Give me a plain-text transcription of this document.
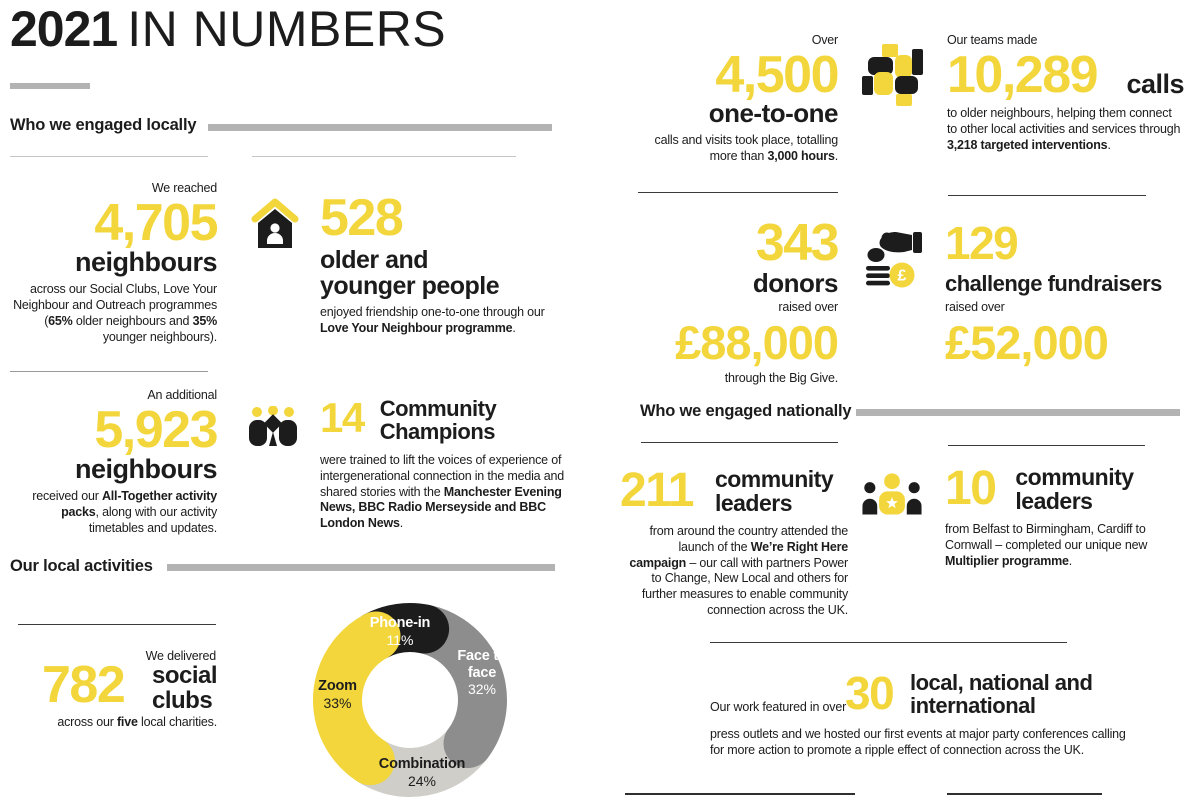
2021 IN NUMBERS
Who we engaged locally
We reached
4,705
neighbours

across our Social Clubs, Love Your Neighbour and Outreach programmes (65% older neighbours and 35% younger neighbours).

528
older and younger people

enjoyed friendship one-to-one through our Love Your Neighbour programme.

An additional
5,923
neighbours

received our All-Together activity packs, along with our activity timetables and updates.

14 Community Champions

were trained to lift the voices of experience of intergenerational connection in the media and shared stories with the Manchester Evening News, BBC Radio Merseyside and BBC London News.

Our local activities
We delivered
782 social clubs

across our five local charities.

Phone-in
11%
Face to face
32%
Zoom
33%
Combination
24%
Over
4,500
one-to-one

calls and visits took place, totalling more than 3,000 hours.

Our teams made
10,289 calls

to older neighbours, helping them connect to other local activities and services through 3,218 targeted interventions.

343
donors
raised over
£88,000
through the Big Give.
£
129
challenge fundraisers
raised over
£52,000
Who we engaged nationally
211 community leaders

from around the country attended the launch of the We’re Right Here campaign – our call with partners Power to Change, New Local and others for further measures to enable community connection across the UK.

10 community leaders

from Belfast to Birmingham, Cardiff to Cornwall – completed our unique new Multiplier programme.

Our work featured in over
30 local, national and international

press outlets and we hosted our first events at major party conferences calling for more action to promote a ripple effect of connection across the UK.
